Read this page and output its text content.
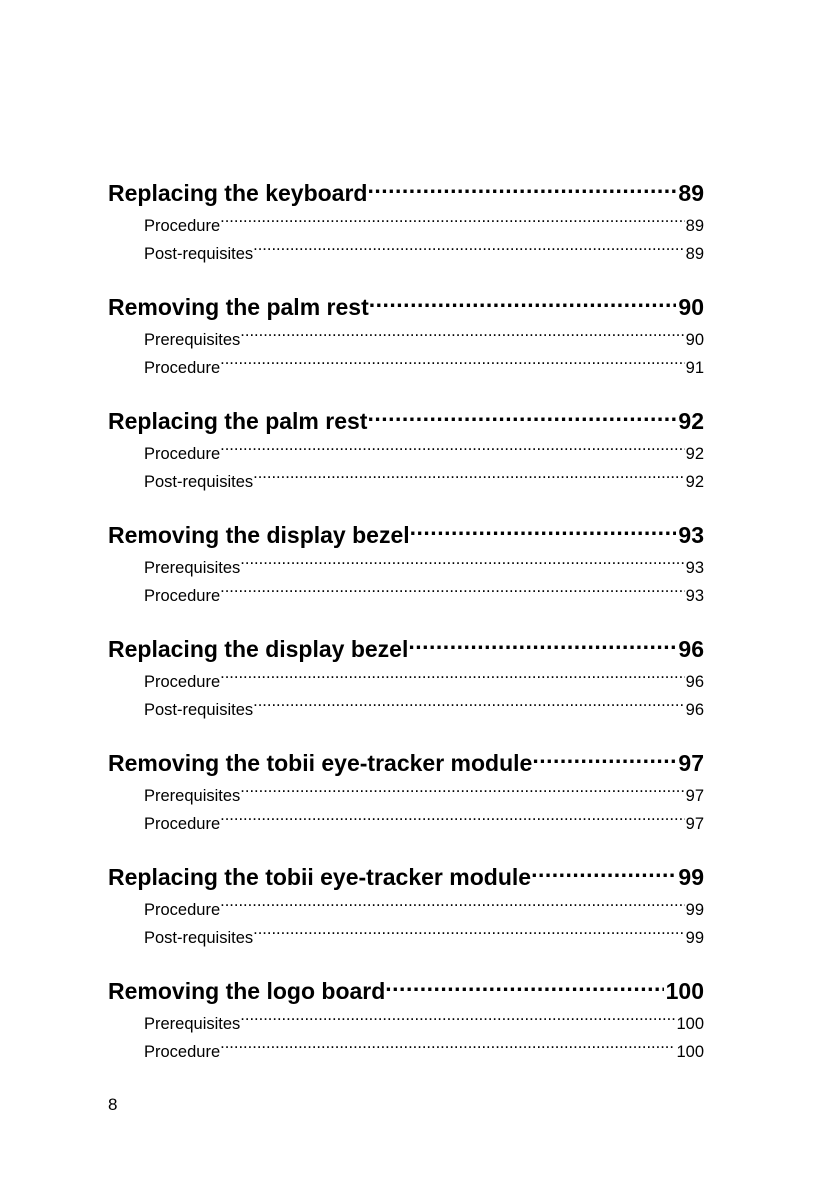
Replacing the keyboard .....	89
Procedure .....	89
Post-requisites .....	89
Removing the palm rest .....	90
Prerequisites .....	90
Procedure .....	91
Replacing the palm rest .....	92
Procedure .....	92
Post-requisites .....	92
Removing the display bezel .....	93
Prerequisites .....	93
Procedure .....	93
Replacing the display bezel .....	96
Procedure .....	96
Post-requisites .....	96
Removing the tobii eye-tracker module .....	97
Prerequisites .....	97
Procedure .....	97
Replacing the tobii eye-tracker module .....	99
Procedure .....	99
Post-requisites .....	99
Removing the logo board .....	100
Prerequisites .....	100
Procedure .....	100
8
